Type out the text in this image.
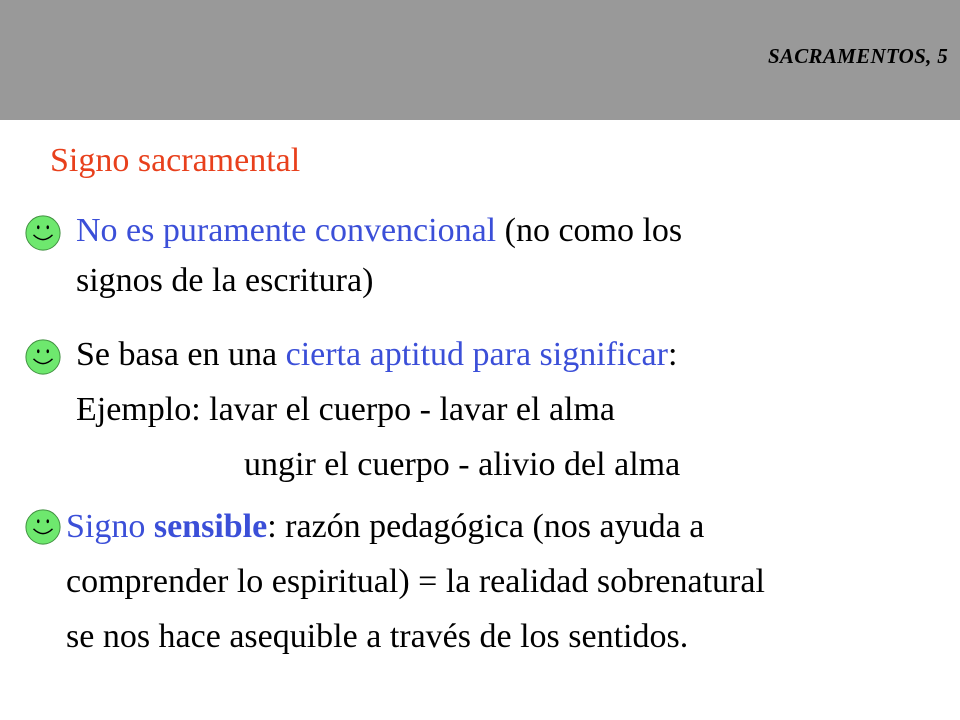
SACRAMENTOS, 5
Signo sacramental
No es puramente convencional (no como los
signos de la escritura)
Se basa en una cierta aptitud para significar:
Ejemplo: lavar el cuerpo - lavar el alma
ungir el cuerpo - alivio del alma
Signo sensible: razón pedagógica (nos ayuda a
comprender lo espiritual) = la realidad sobrenatural
se nos hace asequible a través de los sentidos.
